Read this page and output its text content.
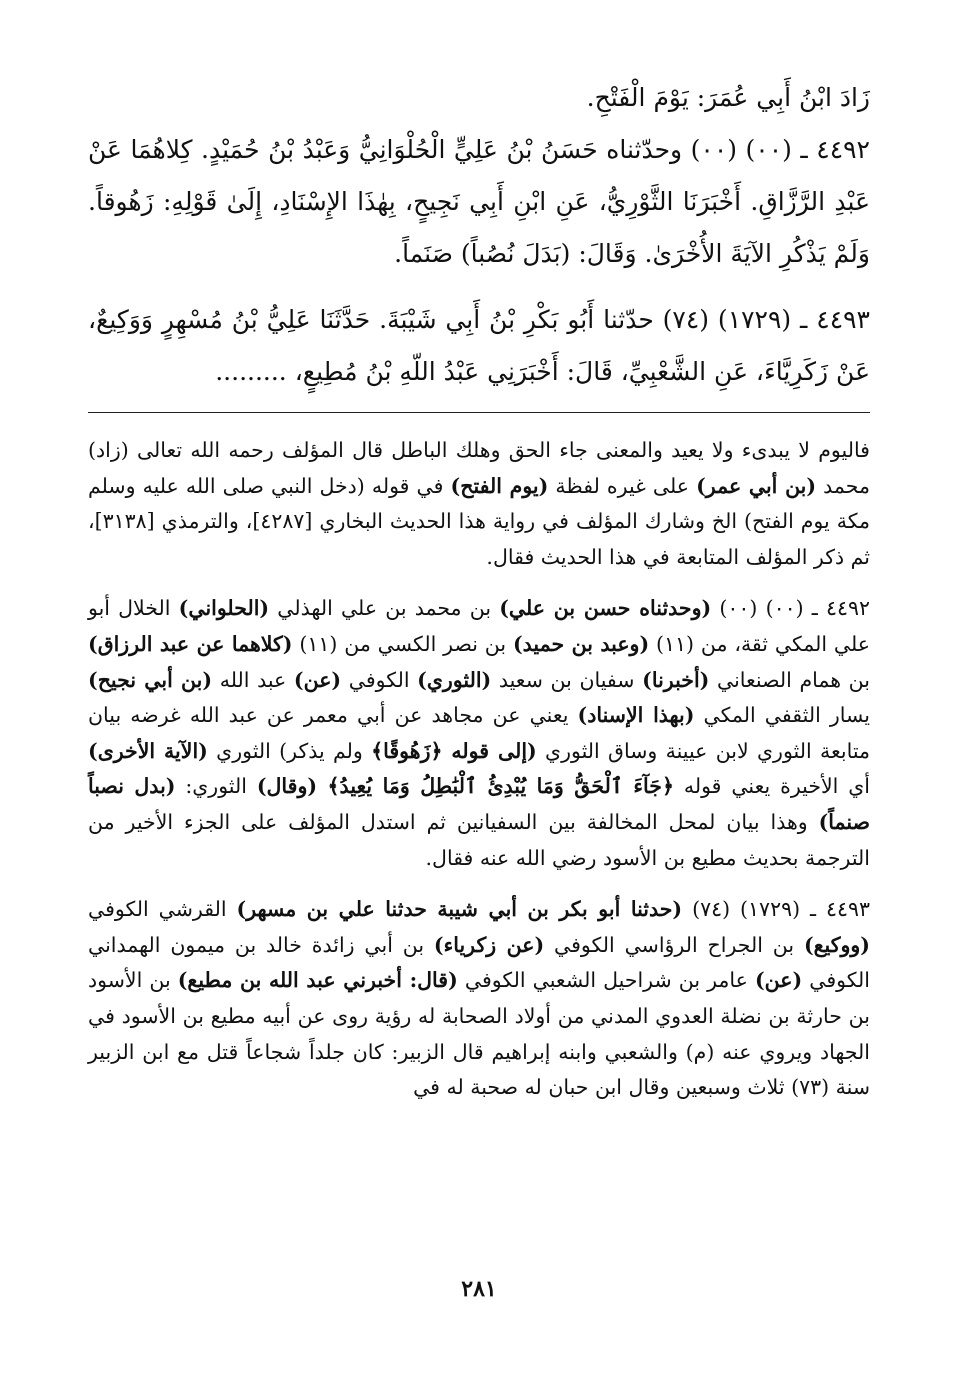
زَادَ ابْنُ أَبِي عُمَرَ: يَوْمَ الْفَتْحِ.

٤٤٩٢ ـ (٠٠) (٠٠) وحدّثناه حَسَنُ بْنُ عَلِيٍّ الْحُلْوَانِيُّ وَعَبْدُ بْنُ حُمَيْدٍ. كِلاهُمَا عَنْ عَبْدِ الرَّزَّاقِ. أَخْبَرَنَا الثَّوْرِيُّ، عَنِ ابْنِ أَبِي نَجِيحٍ، بِهٰذَا الإِسْنَادِ، إِلَىٰ قَوْلِهِ: زَهُوقاً. وَلَمْ يَذْكُرِ الآيَةَ الأُخْرَىٰ. وَقَالَ: (بَدَلَ نُصُباً) صَنَماً.

٤٤٩٣ ـ (١٧٢٩) (٧٤) حدّثنا أَبُو بَكْرِ بْنُ أَبِي شَيْبَةَ. حَدَّثَنَا عَلِيُّ بْنُ مُسْهِرٍ وَوَكِيعٌ، عَنْ زَكَرِيَّاءَ، عَنِ الشَّعْبِيِّ، قَالَ: أَخْبَرَنِي عَبْدُ اللّهِ بْنُ مُطِيعٍ، .........

فاليوم لا يبدىء ولا يعيد والمعنى جاء الحق وهلك الباطل قال المؤلف رحمه الله تعالى (زاد) محمد (بن أبي عمر) على غيره لفظة (يوم الفتح) في قوله (دخل النبي صلى الله عليه وسلم مكة يوم الفتح) الخ وشارك المؤلف في رواية هذا الحديث البخاري [٤٢٨٧]، والترمذي [٣١٣٨]، ثم ذكر المؤلف المتابعة في هذا الحديث فقال.

٤٤٩٢ ـ (٠٠) (٠٠) (وحدثناه حسن بن علي) بن محمد بن علي الهذلي (الحلواني) الخلال أبو علي المكي ثقة، من (١١) (وعبد بن حميد) بن نصر الكسي من (١١) (كلاهما عن عبد الرزاق) بن همام الصنعاني (أخبرنا) سفيان بن سعيد (الثوري) الكوفي (عن) عبد الله (بن أبي نجيح) يسار الثقفي المكي (بهذا الإسناد) يعني عن مجاهد عن أبي معمر عن عبد الله غرضه بيان متابعة الثوري لابن عيينة وساق الثوري (إلى قوله ﴿زَهُوقًا﴾ ولم يذكر) الثوري (الآية الأخرى) أي الأخيرة يعني قوله ﴿جَآءَ ٱلْحَقُّ وَمَا يُبْدِئُ ٱلْبَٰطِلُ وَمَا يُعِيدُ﴾ (وقال) الثوري: (بدل نصباً صنماً) وهذا بيان لمحل المخالفة بين السفيانين ثم استدل المؤلف على الجزء الأخير من الترجمة بحديث مطيع بن الأسود رضي الله عنه فقال.

٤٤٩٣ ـ (١٧٢٩) (٧٤) (حدثنا أبو بكر بن أبي شيبة حدثنا علي بن مسهر) القرشي الكوفي (ووكيع) بن الجراح الرؤاسي الكوفي (عن زكرياء) بن أبي زائدة خالد بن ميمون الهمداني الكوفي (عن) عامر بن شراحيل الشعبي الكوفي (قال: أخبرني عبد الله بن مطيع) بن الأسود بن حارثة بن نضلة العدوي المدني من أولاد الصحابة له رؤية روى عن أبيه مطيع بن الأسود في الجهاد ويروي عنه (م) والشعبي وابنه إبراهيم قال الزبير: كان جلداً شجاعاً قتل مع ابن الزبير سنة (٧٣) ثلاث وسبعين وقال ابن حبان له صحبة له في

٢٨١
